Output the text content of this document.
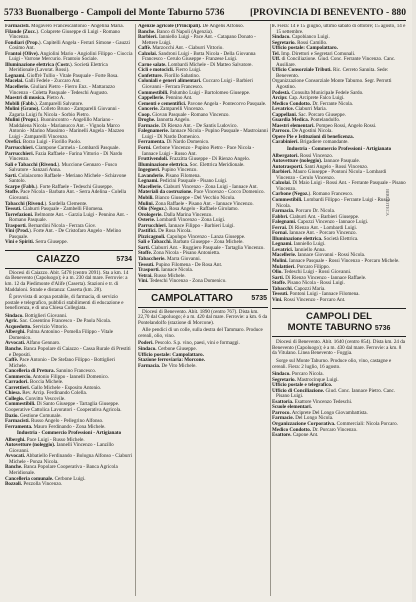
5733 Buonalbergo - Campoli del Monte Taburno 5736	[PROVINCIA DI BENEVENTO - 880

Farmacisti. Mogavero Francescantonio - Angelina Maria.

Filande (Zucc.). Colaprete Giuseppe di Luigi - Romano Vincenzo.

Fondiari (Prop.). Capitelli Angela - Ferrari Simone - Gauzzi Cosimo Ant.

Frantoi (Olive). Angiolini Mario - Angiolini Filippo - Cioccia Luigi - Varrone Mercurio. Frantoio Sociale.

Illuminazione elettrica (Costr.). Società Elettrica Meridionale (Lavorat. Rossi).

Legnami. Gioffrè Tullio - Vitale Pasquale - Forte Rosa.

Macelai. Galli Fedele - Zuccaro Ant.

Macellerie. Giuliani Pietro - Fierro Enz. - Mattarazzo Vincenzo - Coletta Pasquale - Tedeschi Augusto.

Maestri di musica. Pietro A.

Mobili (Fabb.). Zamparelli Salvatore.

Molini (Grano). Colleto Bruno - Zamparelli Giovanni - Zagaria Luigi fu Nicola - Sorbio Pietro.

Mulini (Propr.). Buonincontro - Angelillo Mariano - Maddalena Nicola - Marianucco Ant. - Vignola Marco Antonio - Marino Massimo - Marinelli Angela - Mazzeo Luigi - Zamparelli Vincenzo.

Orefici. Borzo Luigi - Fiorillo Paolo.

Parrucchieri. Ciampone Carmela - Lombardi Pasquale.

Parrucchieri. Fazia Raffaele - Farina Vittorio - Di Nardo Vincenzo.

Sali e Tabacchi (Rivend.). Muccione Gennaro - Fusco Salvatore - Sanzari Anna.

Sarti. Colaiacomo Raffaele - Meriano Michele - Schiavone Santolo.

Scarpe (Fabb.). Forte Raffaele - Tedeschi Giuseppe.

Stoffe. Pace Nicola - Barbato Ant. - Serra Adelina - Colella Giovanni.

Tabacchi (Rivend.). Sardella Clemente.

Tessuti. Ciaburri Pasquale - Zambelli Filomena.

Torrefazioni. Belmonte Ant. - Garzia Luigi - Pennino Ant. - Romano Pasquale.

Trasporti. Bernardini Nicola - Ferrara Giov.

Vini (Prod.). Forte Ant. - De Cristofaro Angelo - Melino Pasquale.

Vini e Spiriti. Serra Giuseppe.

CAIAZZO	5734

Diocesi di Caiazzo. Abit. 5478 (centro 2091). Sta a km. 14 da Benevento (Capoluogo); è a m. 230 dal mare. Ferrovie: a km. 12 da Piedimonte d'Alife (Caserta). Stazioni e tr. di Maddaloni. Strade e distanza: Caserta (km. 28).

È provvista di acqua potabile, di farmacia, di servizio postale e telegrafico, pubblici stabilimenti di educazione e beneficenza, e di una Chiesa Collegiata.

Sindaco. Bottiglieri Giovanni.

Agric. Sac. Cosentino Francesco - De Paola Nicola.

Acquedotto. Servizio Vittorio.

Alberghi. Palma Antonino - Pomella Filippo - Vitale Domenico.

Avvocati. Alfano Gennaro.

Banche. Banca Popolare di Caiazzo - Cassa Rurale di Prestiti e Depositi.

Caffè. Pace Antonio - De Stefano Filippo - Bottiglieri Michele.

Cancelleria di Pretura. Sannino Francesco.

Commercio. Antonio Filippo - Iannelli Domenico.

Carradori. Boccia Michele.

Carrettieri. Gallo Michele - Esposito Antonio.

Chiesa. Rev. Arcip. Ferdinando Colella.

Collegio. Convitto Vescovile.

Commestibili. Di Santo Giuseppe - Tartaglia Giuseppe.

Cooperative Cattolica Lavoratori - Cooperativa Agricola.

Dazio. Gestione Comunale.

Farmacisti. Russo Angelo - Pellegrino Alfonso.

Ferramenta. Mauro Ferdinando - Zona Michele.

Industria - Commercio Professioni - Artigianato

Alberghi. Pace Luigi - Russo Michele.

Autovetture (noleggio). Iannelli Vincenzo - Lanzillo Giovanni.

Avvocati. Abbatiello Ferdinando - Bologna Alfonso - Ciaburri Michele - Ponza Nicola.

Banche. Banca Popolare Cooperativa - Banca Agricola Meridionale.

Cancelleria comunale. Cerbone Luigi.

Bozzoli. Pezzolla Vincenzo.

Agenzie agricole (Principali). De Angelis Alfonso.

Banche. Banco di Napoli (Agenzia).

Barbieri. Ianniello Luigi - Pace Ant. - Catapano Donato - Mettere Luigi.

Caffè. Marzocchi Ant. - Ciaburri Vittorio.

Calzolai. Sandroni Luigi - Botta Nicola - Della Giovanna Francesco - Cerulo Giuseppe - Franzese Luigi.

Carne salate. Lombardi Michele - Di Matteo Salvatore.

Cicli e motocicli. Fierro Luigi.

Confetture. Fiorillo Sabatino.

Coloniali e generi alimentari. Cuccaro Luigi - Barbieri Giovanni - Ferrara Francesco.

Commestibili. Palumbo Luigi - Bartolomeo Giuseppe.

Cappellerie. Pennino Ant.

Cementi e cementifici. Pavone Angela - Pontecorvo Pasquale.

Concerie. Zamparelli Vincenzo.

Coop. Giovan Pasquale - Romano Vincenzo.

Droghe. Iannotta Angelo.

Farmacie. Di Rienzo Ant. - De Santis Ludovico.

Falegnamerie. Iannace Nicola - Pupino Pasquale - Mastroianni Luigi - Di Nardo Domenico.

Ferramenta. Di Nardo Domenico.

Forni. Cerbone Vincenzo - Pupino Pietro - Pace Nicola - Iannace Luigi - Russo Ant.

Fruttivendoli. Frazzitta Giuseppe - Di Rienzo Angelo.

Illuminazione elettrica. Soc. Elettrica Meridionale.

Ingegneri. Pupino Vincenzo.

Lavanderie. Pisano Filomena.

Legnami. Pedicini Pasquale - Pisano Luigi.

Macellerie. Ciaburri Vincenzo - Zona Luigi - Iannace Ant.

Materiali da costruzione. Pace Vincenzo - Cocco Domenico.

Mobili. Bianco Giuseppe - Del Vecchio Nicola.

Mulini. Zona Raffaele - Pisano Ant. - Iannace Vincenzo.

Olio (Negoz.). Rosa Angelo - Raffaele Girolamo.

Orologerie. Dalla Marina Vincenzo.

Osterie. Lombardi Vincenzo - Zona Luigi.

Parrucchieri. Iannace Filippo - Barbieri Luigi.

Pastifici. De Rosa Nicola.

Pizzicagnoli. Capolupo Vincenzo - Lanza Giuseppe.

Sali e Tabacchi. Barbato Giuseppe - Zona Michele.

Sarti. Ciaburri Ant. - Ruggiero Pasquale - Tartaglia Vincenzo.

Stoffe. Zona Nicola - Pisano Antonietta.

Tabaccherie. Marra Giovanni.

Tessuti. Pupino Filomena - De Rosa Ant.

Trasporti. Iannace Nicola.

Vetrai. Russo Michele.

Vini. Tedeschi Vincenzo - Zona Domenico.

CAMPOLATTARO	5735

Diocesi di Benevento. Abit. 1890 (centro 767). Dista km. 22,70 dal Capoluogo; è a m. 420 dal mare. Ferrovie: a km. 6 da Pontelandolfo (stazione di Morcone).

Alle pendici di un colle, sulla destra del Tammaro. Produce cereali, olio, vino.

Poderi. Pescolo. S.p. vino, paesi, vini e formaggi.

Sindaco. Cerbone Giuseppe.

Ufficio postale: Campolattaro.

Stazione ferroviaria: Morcone.

Farmacia. De Vito Michele.

F. Fiera: 14 e 15 giugno, ultimo sabato di ottobre; 15 agosto, 14 e 15 settembre.

Sindaco. Capobianco Luigi.

Segretario. Rossi Camillo.

Ufficio postale: Campolattaro.

Tel. Imp. Direttori e Segretari Comunali.

Uff. di Conciliazione. Giud. Conc. Ferrante Vincenzo. Canc. Ausiliare.

Ufficio Consorziale Tributi. Ric. Cerreto Sannita. Sede: Benevento.

Organizzazione Consorziale Monte Taburno. Segr. Perrotti Agostino.

Podestà. Consulta Municipale Fedele Sardo.

Arcipr. Cap. Arciprete Falco Luigi.

Medico Condotto. Dr. Ferrante Nicola.

Levatrice. Ciaburri Maria.

Cappellani. Sac. Porcaro Giuseppe.

Guardia Medica. Pontelandolfo.

Maestri elementari. Pompeo Rossi, Angelo Rossi.

Parroco. De Agostini Nicola.

Opere Pie e Istituzioni di beneficenza.

Carabinieri. Brigadiere comandante.

Industria - Commercio Professioni - Artigianato

Albergatori. Rossi Vincenzo.

Autovetture (noleggio). Iannace Pasquale.

Autotrasporti. Santi Angelo - Rossi Vincenzo.

Barbieri. Mauro Giuseppe - Pontoni Nicola - Lombardi Vincenzo - Cerulo Vincenzo.

Calzolai. Di Maio Luigi - Rossi Ant. - Ferrante Pasquale - Pisano Vincenzo.

Carbone (Negoz.). Romano Francesco.

Commestibili. Lombardi Filippo - Ferrante Luigi - Russo Nicola.

Farmacia. Porcaro Dr. Nicola.

Fabbri. Ciaburri Ant. - Barbieri Giuseppe.

Falegnami. Capozzi Vincenzo - Iannace Luigi.

Ferrai. Di Rienzo Ant. - Lombardi Luigi.

Fornai. Iannace Ant. - Porcaro Vincenzo.

Illuminazione elettrica. Società Elettrica.

Legnami. Ianniello Luigi.

Levatrici. Ianniello Anna.

Macellerie. Iannace Giovanni - Rossi Nicola.

Molini. Iannace Pasquale - Rossi Vincenzo - Porcaro Michele.

Mulattieri. Porcaro Filippo.

Olio. Tedeschi Luigi - Rossi Giovanni.

Sarti. Di Rienzo Vincenzo - Iannace Raffaele.

Stoffe. Pisano Nicola - Rossi Luigi.

Tabacchi. Capozzi Maria.

Tessuti. Pontoni Luigi - Iannace Filomena.

Vini. Rossi Vincenzo - Porcaro Ant.

CAMPOLI DEL
MONTE TABURNO 5736

Diocesi di Benevento. Abit. 1640 (centro 854). Dista km. 24 da Benevento (Capoluogo); è a m. 430 dal mare. Ferrovie: a km. 8 da Vitulano. Linea Benevento - Foggia.

Sorge sul Monte Taburno. Produce olio, vino, castagne e cereali. Fiera: 2 luglio, 16 agosto.

Sindaco. Porcaro Nicola.

Segretario. Mastrocinque Luigi.

Ufficio postale e telegrafico.

Ufficio di Conciliazione. Giud. Conc. Iannace Pietro. Canc. Pisano Luigi.

Esattoria. Esattore Vincenzo Tedeschi.

Scuole elementari.

Parroco. Arciprete Del Longo Giovambattista.

Farmacie. Del Longo Nicola.

Organizzazione Corporativa. Commerciali: Nicola Porcaro.

Medico Condotto. Dr. Porcaro Vincenzo.

Esattore. Capone Ant.

BIBLIOTECA
